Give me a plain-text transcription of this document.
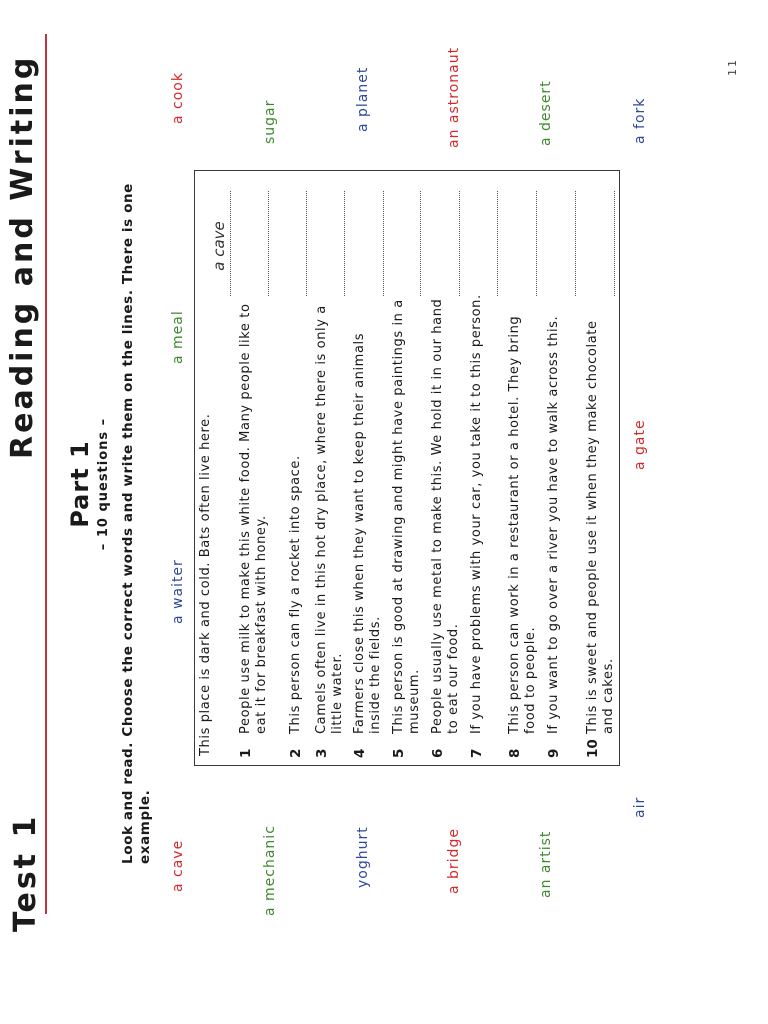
Test 1
Reading and Writing	11
Part 1 – 10 questions – Look and read. Choose the correct words and write them on the lines. There is one example.
a cave
a waiter
a meal
a cook
a mechanic
sugar
yoghurt
a planet
a bridge
an astronaut
an artist
a desert
air
a gate
a fork
This place is dark and cold. Bats often live here.
a cave
1
People use milk to make this white food. Many people like to eat it for breakfast with honey.
2
This person can fly a rocket into space.
3
Camels often live in this hot dry place, where there is only a little water.
4
Farmers close this when they want to keep their animals inside the fields.
5
This person is good at drawing and might have paintings in a museum.
6
People usually use metal to make this. We hold it in our hand to eat our food.
7
If you have problems with your car, you take it to this person.
8
This person can work in a restaurant or a hotel. They bring food to people.
9
If you want to go over a river you have to walk across this.
10
This is sweet and people use it when they make chocolate and cakes.
